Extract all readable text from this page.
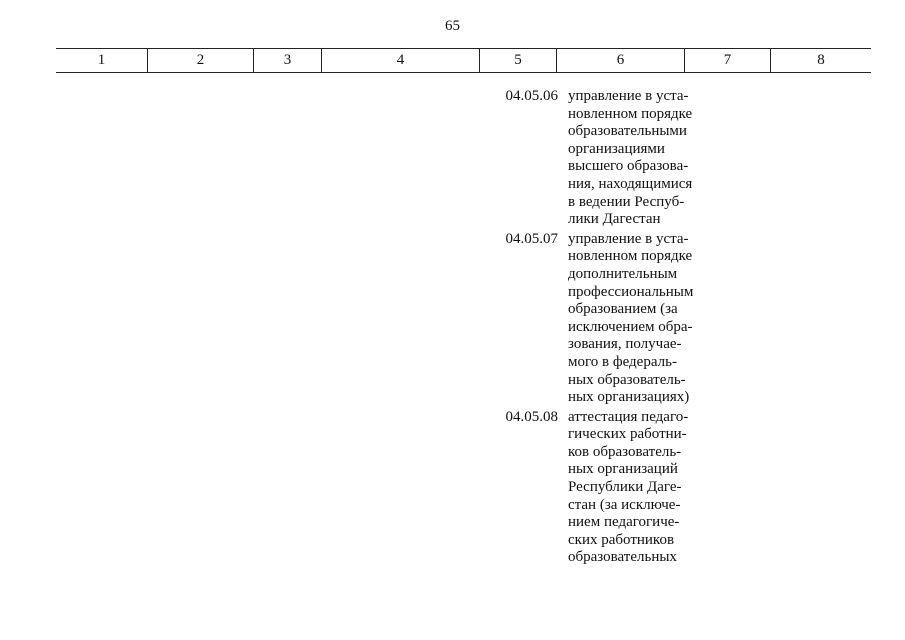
65
1	2	3	4	5	6	7	8
04.05.06 управление в уста-
новленном порядке
образовательными
организациями
высшего образова-
ния, находящимися
в ведении Респуб-
лики Дагестан
04.05.07 управление в уста-
новленном порядке
дополнительным
профессиональным
образованием (за
исключением обра-
зования, получае-
мого в федераль-
ных образователь-
ных организациях)
04.05.08 аттестация педаго-
гических работни-
ков образователь-
ных организаций
Республики Даге-
стан (за исключе-
нием педагогиче-
ских работников
образовательных
